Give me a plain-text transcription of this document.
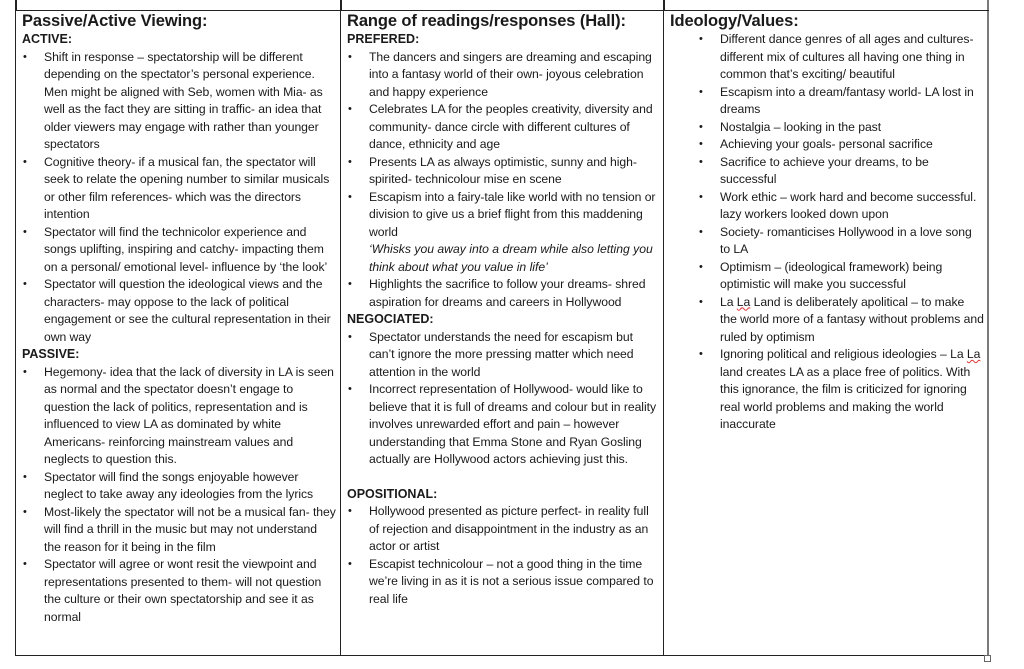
Passive/Active Viewing:

ACTIVE:

• Shift in response – spectatorship will be different depending on the spectator’s personal experience. Men might be aligned with Seb, women with Mia- as well as the fact they are sitting in traffic- an idea that older viewers may engage with rather than younger spectators
• Cognitive theory- if a musical fan, the spectator will seek to relate the opening number to similar musicals or other film references- which was the directors intention
• Spectator will find the technicolor experience and songs uplifting, inspiring and catchy- impacting them on a personal/ emotional level- influence by ‘the look’
• Spectator will question the ideological views and the characters- may oppose to the lack of political engagement or see the cultural representation in their own way

PASSIVE:

• Hegemony- idea that the lack of diversity in LA is seen as normal and the spectator doesn’t engage to question the lack of politics, representation and is influenced to view LA as dominated by white Americans- reinforcing mainstream values and neglects to question this.
• Spectator will find the songs enjoyable however neglect to take away any ideologies from the lyrics
• Most-likely the spectator will not be a musical fan- they will find a thrill in the music but may not understand the reason for it being in the film
• Spectator will agree or wont resit the viewpoint and representations presented to them- will not question the culture or their own spectatorship and see it as normal

Range of readings/responses (Hall):

PREFERED:

• The dancers and singers are dreaming and escaping into a fantasy world of their own- joyous celebration and happy experience
• Celebrates LA for the peoples creativity, diversity and community- dance circle with different cultures of dance, ethnicity and age
• Presents LA as always optimistic, sunny and high-spirited- technicolour mise en scene
• Escapism into a fairy-tale like world with no tension or division to give us a brief flight from this maddening world

‘Whisks you away into a dream while also letting you think about what you value in life’

• Highlights the sacrifice to follow your dreams- shred aspiration for dreams and careers in Hollywood

NEGOCIATED:

• Spectator understands the need for escapism but can’t ignore the more pressing matter which need attention in the world
• Incorrect representation of Hollywood- would like to believe that it is full of dreams and colour but in reality involves unrewarded effort and pain – however understanding that Emma Stone and Ryan Gosling actually are Hollywood actors achieving just this.

OPOSITIONAL:

• Hollywood presented as picture perfect- in reality full of rejection and disappointment in the industry as an actor or artist
• Escapist technicolour – not a good thing in the time we’re living in as it is not a serious issue compared to real life

Ideology/Values:

• Different dance genres of all ages and cultures- different mix of cultures all having one thing in common that’s exciting/ beautiful
• Escapism into a dream/fantasy world- LA lost in dreams
• Nostalgia – looking in the past
• Achieving your goals- personal sacrifice
• Sacrifice to achieve your dreams, to be successful
• Work ethic – work hard and become successful. lazy workers looked down upon
• Society- romanticises Hollywood in a love song to LA
• Optimism – (ideological framework) being optimistic will make you successful
• La La Land is deliberately apolitical – to make the world more of a fantasy without problems and ruled by optimism
• Ignoring political and religious ideologies – La La land creates LA as a place free of politics. With this ignorance, the film is criticized for ignoring real world problems and making the world inaccurate
